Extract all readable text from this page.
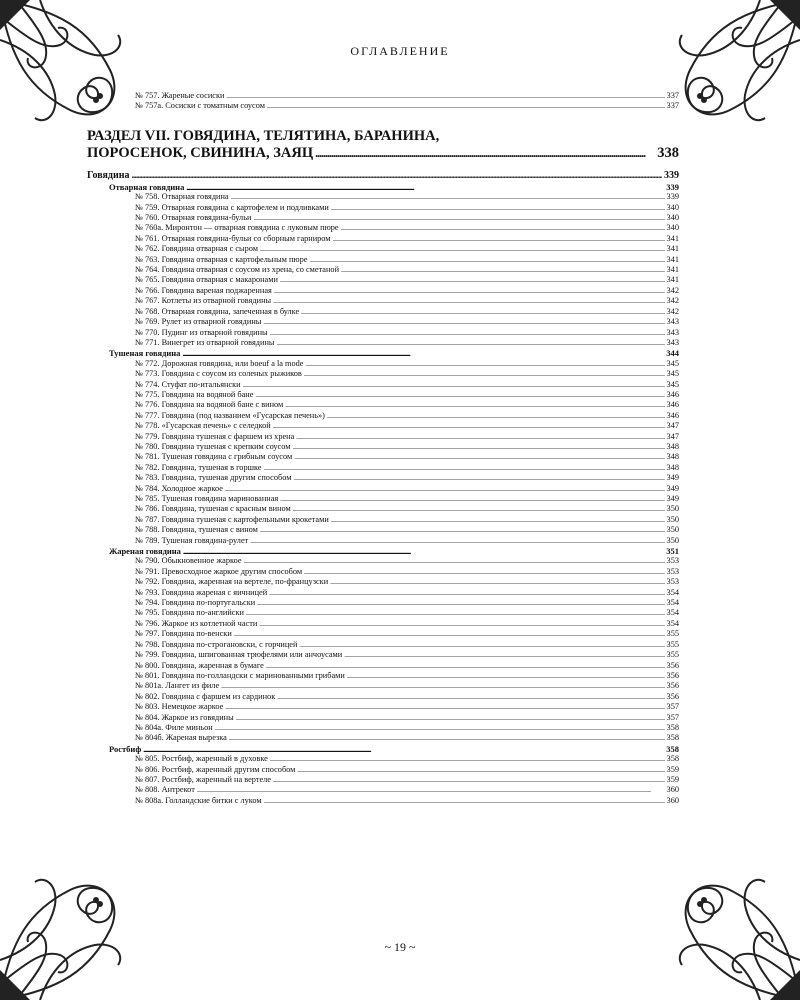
ОГЛАВЛЕНИЕ
№ 757. Жареные сосиски . . .	337
№ 757а. Сосиски с томатным соусом . . .	337
РАЗДЕЛ VII. ГОВЯДИНА, ТЕЛЯТИНА, БАРАНИНА,
ПОРОСЕНОК, СВИНИНА, ЗАЯЦ .....	338
Говядина . . .	339
Отварная говядина . . .	339
№ 758. Отварная говядина . . .	339
№ 759. Отварная говядина с картофелем и подливками . . .	340
№ 760. Отварная говядина-бульи . . .	340
№ 760а. Миронтон — отварная говядина с луковым пюре . . .	340
№ 761. Отварная говядина-бульи со сборным гарниром . . .	341
№ 762. Говядина отварная с сыром . . .	341
№ 763. Говядина отварная с картофельным пюре . . .	341
№ 764. Говядина отварная с соусом из хрена, со сметаной . . .	341
№ 765. Говядина отварная с макаронами . . .	341
№ 766. Говядина вареная поджаренная . . .	342
№ 767. Котлеты из отварной говядины . . .	342
№ 768. Отварная говядина, запеченная в булке . . .	342
№ 769. Рулет из отварной говядины . . .	343
№ 770. Пудинг из отварной говядины . . .	343
№ 771. Винегрет из отварной говядины . . .	343
Тушеная говядина . . .	344
№ 772. Дорожная говядина, или boeuf a la mode . . .	345
№ 773. Говядина с соусом из соленых рыжиков . . .	345
№ 774. Стуфат по-итальянски . . .	345
№ 775. Говядина на водяной бане . . .	346
№ 776. Говядина на водяной бане с вином . . .	346
№ 777. Говядина (под названием «Гусарская печень») . . .	346
№ 778. «Гусарская печень» с селедкой . . .	347
№ 779. Говядина тушеная с фаршем из хрена . . .	347
№ 780. Говядина тушеная с крепким соусом . . .	348
№ 781. Тушеная говядина с грибным соусом . . .	348
№ 782. Говядина, тушеная в горшке . . .	348
№ 783. Говядина, тушеная другим способом . . .	349
№ 784. Холодное жаркое . . .	349
№ 785. Тушеная говядина маринованная . . .	349
№ 786. Говядина, тушеная с красным вином . . .	350
№ 787. Говядина тушеная с картофельными крокетами . . .	350
№ 788. Говядина, тушеная с вином . . .	350
№ 789. Тушеная говядина-рулет . . .	350
Жареная говядина . . .	351
№ 790. Обыкновенное жаркое . . .	353
№ 791. Превосходное жаркое другим способом . . .	353
№ 792. Говядина, жаренная на вертеле, по-французски . . .	353
№ 793. Говядина жареная с яичницей . . .	354
№ 794. Говядина по-португальски . . .	354
№ 795. Говядина по-английски . . .	354
№ 796. Жаркое из котлетной части . . .	354
№ 797. Говядина по-венски . . .	355
№ 798. Говядина по-строгановски, с горчицей . . .	355
№ 799. Говядина, шпигованная трюфелями или анчоусами . . .	355
№ 800. Говядина, жаренная в бумаге . . .	356
№ 801. Говядина по-голландски с маринованными грибами . . .	356
№ 801а. Лангет из филе . . .	356
№ 802. Говядина с фаршем из сардинок . . .	356
№ 803. Немецкое жаркое . . .	357
№ 804. Жаркое из говядины . . .	357
№ 804а. Филе миньон . . .	358
№ 804б. Жареная вырезка . . .	358
Ростбиф . . .	358
№ 805. Ростбиф, жаренный в духовке . . .	358
№ 806. Ростбиф, жаренный другим способом . . .	359
№ 807. Ростбиф, жаренный на вертеле . . .	359
№ 808. Антрекот . . .	360
№ 808а. Голландские битки с луком . . .	360
~ 19 ~
